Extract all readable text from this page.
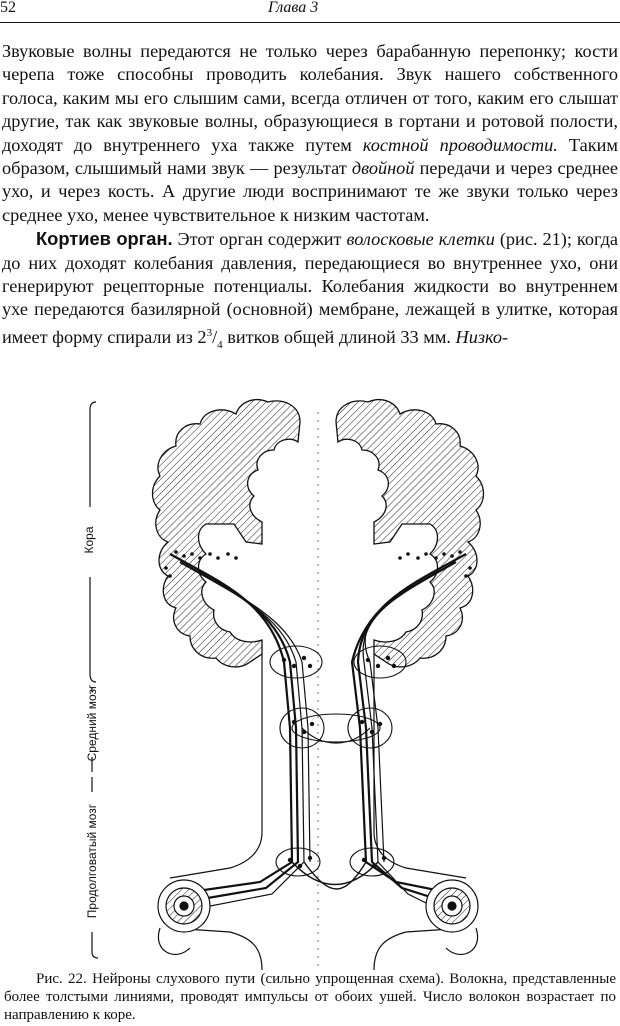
52	Глава 3

Звуковые волны передаются не только через барабанную перепонку; кости черепа тоже способны проводить колебания. Звук нашего собственного голоса, каким мы его слышим сами, всегда отличен от того, каким его слышат другие, так как звуковые волны, образующиеся в гортани и ротовой полости, доходят до внутреннего уха также путем костной проводимости. Таким образом, слышимый нами звук — результат двойной передачи и через среднее ухо, и через кость. А другие люди воспринимают те же звуки только через среднее ухо, менее чувствительное к низким частотам.

Кортиев орган. Этот орган содержит волосковые клетки (рис. 21); когда до них доходят колебания давления, передающиеся во внутреннее ухо, они генерируют рецепторные потенциалы. Колебания жидкости во внутреннем ухе передаются базилярной (основной) мембране, лежащей в улитке, которая имеет форму спирали из $2^3/_4$ витков общей длиной 33 мм. Низко-

Кора
Средний мозг
Продолговатый мозг

Рис. 22. Нейроны слухового пути (сильно упрощенная схема). Волокна, представленные более толстыми линиями, проводят импульсы от обоих ушей. Число волокон возрастает по направлению к коре.
